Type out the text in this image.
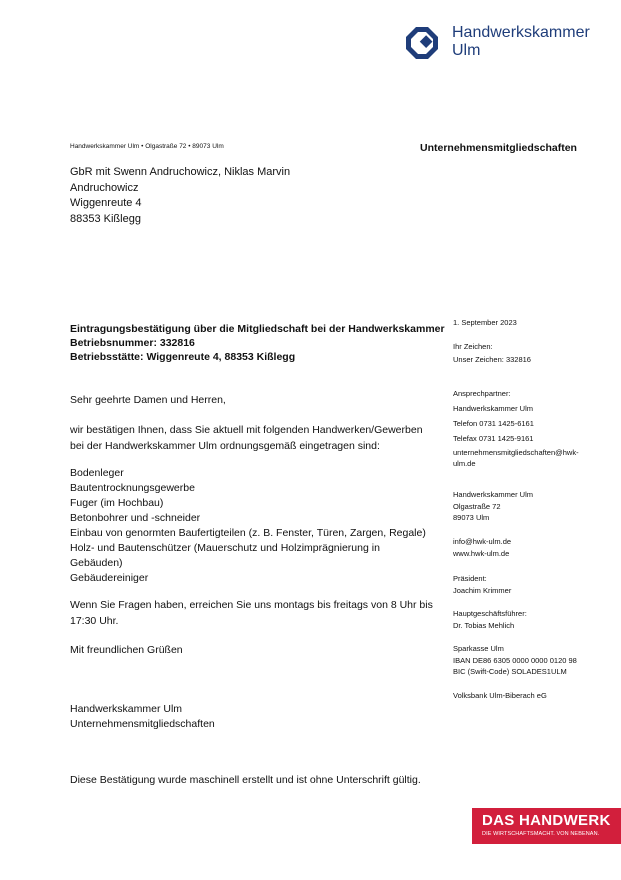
Handwerkskammer
Ulm
Handwerkskammer Ulm • Olgastraße 72 • 89073 Ulm	Unternehmensmitgliedschaften
GbR mit Swenn Andruchowicz, Niklas Marvin
Andruchowicz
Wiggenreute 4
88353 Kißlegg
Eintragungsbestätigung über die Mitgliedschaft bei der Handwerkskammer
Betriebsnummer: 332816
Betriebsstätte: Wiggenreute 4, 88353 Kißlegg
Sehr geehrte Damen und Herren,
wir bestätigen Ihnen, dass Sie aktuell mit folgenden Handwerken/Gewerben bei der Handwerkskammer Ulm ordnungsgemäß eingetragen sind:
Bodenleger
Bautentrocknungsgewerbe
Fuger (im Hochbau)
Betonbohrer und -schneider
Einbau von genormten Baufertigteilen (z. B. Fenster, Türen, Zargen, Regale)
Holz- und Bautenschützer (Mauerschutz und Holzimprägnierung in Gebäuden)
Gebäudereiniger
Wenn Sie Fragen haben, erreichen Sie uns montags bis freitags von 8 Uhr bis 17:30 Uhr.
Mit freundlichen Grüßen
Handwerkskammer Ulm
Unternehmensmitgliedschaften
Diese Bestätigung wurde maschinell erstellt und ist ohne Unterschrift gültig.
1. September 2023
Ihr Zeichen:
Unser Zeichen: 332816
Ansprechpartner:
Handwerkskammer Ulm
Telefon 0731 1425-6161
Telefax 0731 1425-9161
unternehmensmitgliedschaften@hwk-
ulm.de
Handwerkskammer Ulm
Olgastraße 72
89073 Ulm
info@hwk-ulm.de
www.hwk-ulm.de
Präsident:
Joachim Krimmer
Hauptgeschäftsführer:
Dr. Tobias Mehlich
Sparkasse Ulm
IBAN DE86 6305 0000 0000 0120 98
BIC (Swift-Code) SOLADES1ULM
Volksbank Ulm-Biberach eG
DAS HANDWERK
DIE WIRTSCHAFTSMACHT. VON NEBENAN.
